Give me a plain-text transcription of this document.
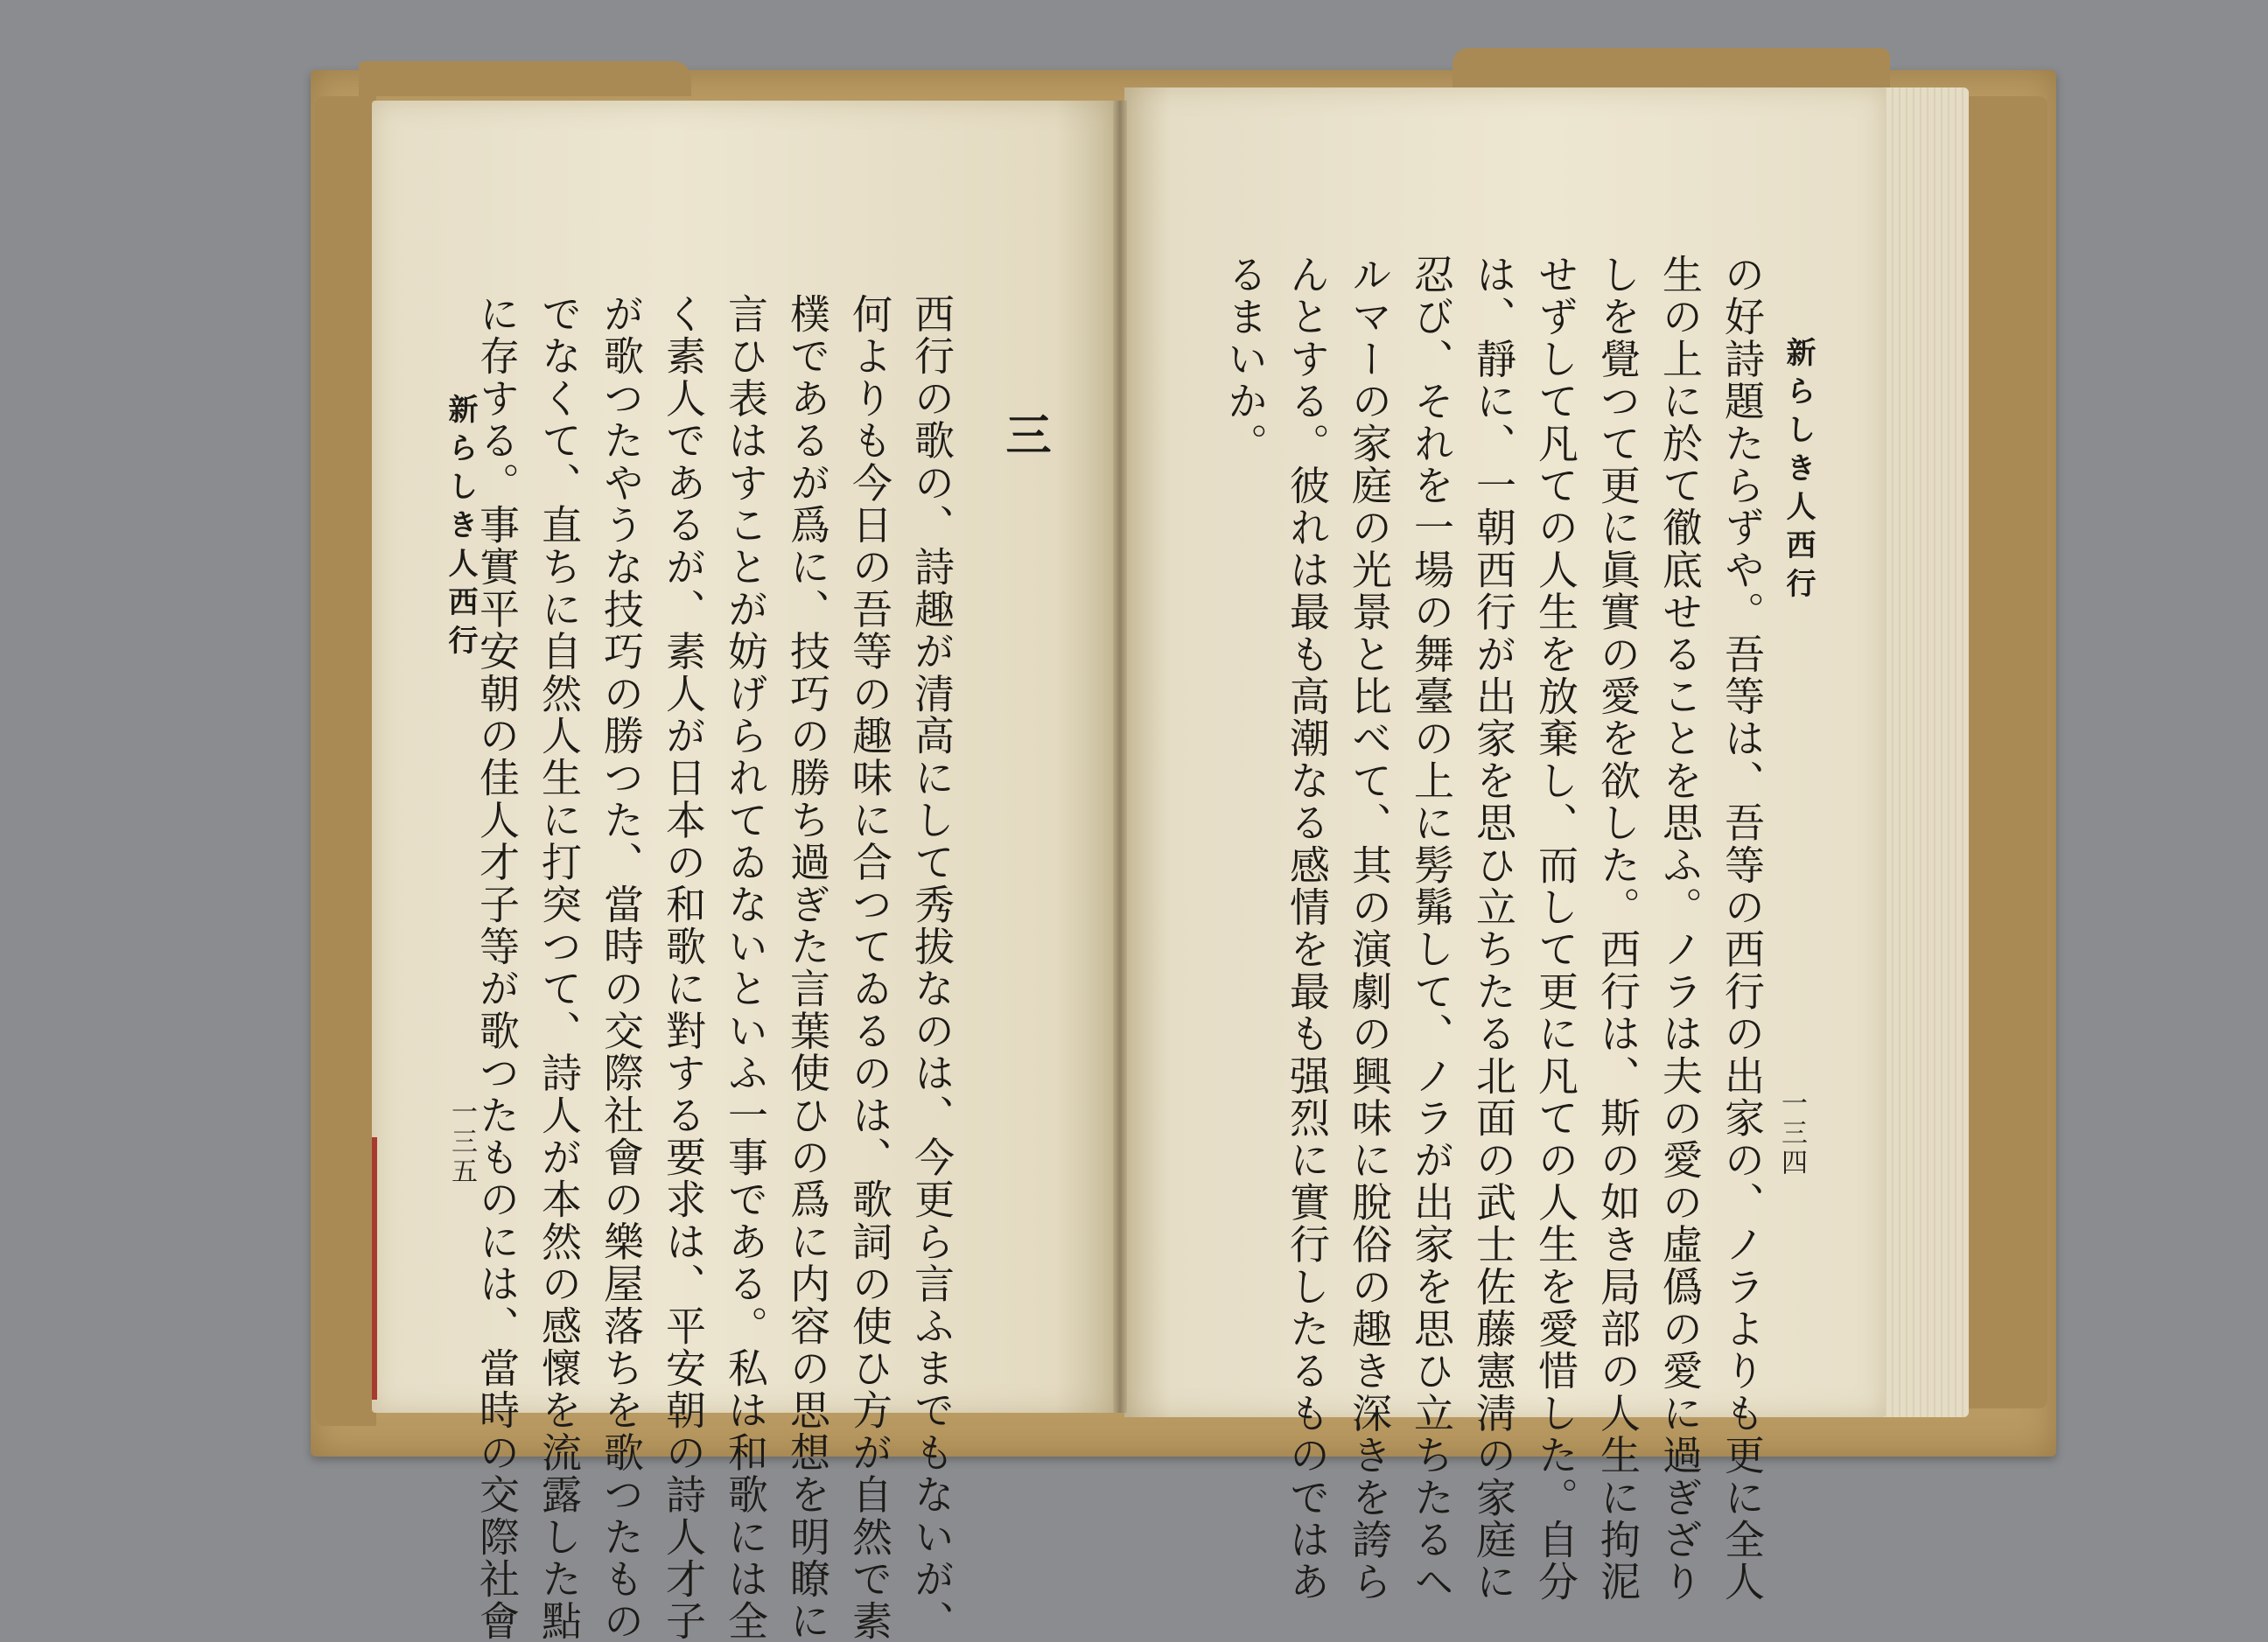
新らしき人西行
一三四
の好詩題たらずや。吾等は、吾等の西行の出家の、ノラよりも更に全人
生の上に於て徹底せることを思ふ。ノラは夫の愛の虛僞の愛に過ぎざり
しを覺つて更に眞實の愛を欲した。西行は、斯の如き局部の人生に拘泥
せずして凡ての人生を放棄し、而して更に凡ての人生を愛惜した。自分
は、靜に、一朝西行が出家を思ひ立ちたる北面の武士佐藤憲淸の家庭に
忍び、それを一場の舞臺の上に髣髴して、ノラが出家を思ひ立ちたるヘ
ルマーの家庭の光景と比べて、其の演劇の興味に脫俗の趣き深きを誇ら
んとする。彼れは最も高潮なる感情を最も强烈に實行したるものではあ
るまいか。
三
西行の歌の、詩趣が清高にして秀拔なのは、今更ら言ふまでもないが、
何よりも今日の吾等の趣味に合つてゐるのは、歌詞の使ひ方が自然で素
樸であるが爲に、技巧の勝ち過ぎた言葉使ひの爲に内容の思想を明瞭に
言ひ表はすことが妨げられてゐないといふ一事である。私は和歌には全
く素人であるが、素人が日本の和歌に對する要求は、平安朝の詩人才子
が歌つたやうな技巧の勝つた、當時の交際社會の樂屋落ちを歌つたもの
でなくて、直ちに自然人生に打突つて、詩人が本然の感懷を流露した點
に存する。事實平安朝の佳人才子等が歌つたものには、當時の交際社會
新らしき人西行
一三五
